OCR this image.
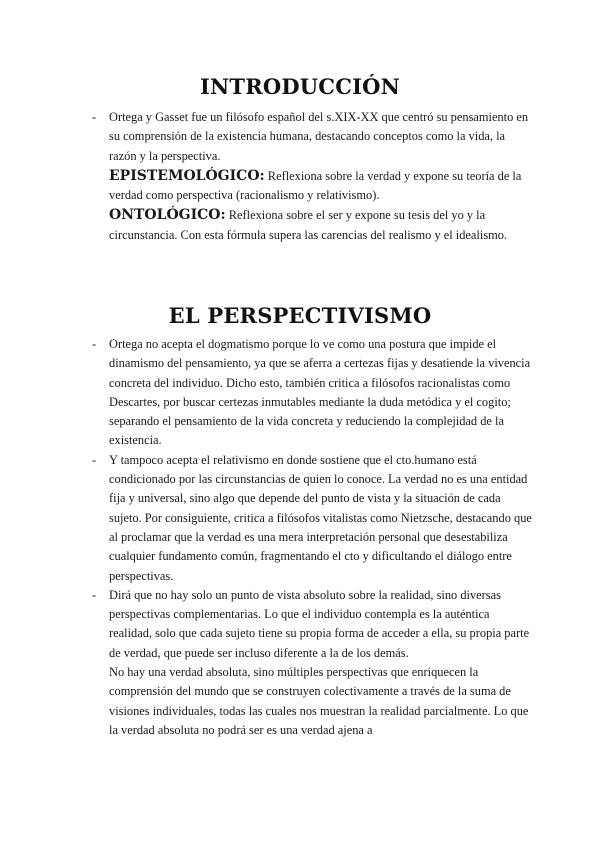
INTRODUCCIÓN
-	Ortega y Gasset fue un filósofo español del s.XIX-XX que centró su pensamiento en su comprensión de la existencia humana, destacando conceptos como la vida, la razón y la perspectiva.
EPISTEMOLÓGICO: Reflexiona sobre la verdad y expone su teoría de la verdad como perspectiva (racionalismo y relativismo).
ONTOLÓGICO: Reflexiona sobre el ser y expone su tesis del yo y la circunstancia. Con esta fórmula supera las carencias del realismo y el idealismo.
EL PERSPECTIVISMO
-	Ortega no acepta el dogmatismo porque lo ve como una postura que impide el dinamismo del pensamiento, ya que se aferra a certezas fijas y desatiende la vivencia concreta del individuo. Dicho esto, también critica a filósofos racionalistas como Descartes, por buscar certezas inmutables mediante la duda metódica y el cogito; separando el pensamiento de la vida concreta y reduciendo la complejidad de la existencia.
-	Y tampoco acepta el relativismo en donde sostiene que el cto.humano está condicionado por las circunstancias de quien lo conoce. La verdad no es una entidad fija y universal, sino algo que depende del punto de vista y la situación de cada sujeto. Por consiguiente, critica a filósofos vitalistas como Nietzsche, destacando que al proclamar que la verdad es una mera interpretación personal que desestabiliza cualquier fundamento común, fragmentando el cto y dificultando el diálogo entre perspectivas.
-	Dirá que no hay solo un punto de vista absoluto sobre la realidad, sino diversas perspectivas complementarias. Lo que el individuo contempla es la auténtica realidad, solo que cada sujeto tiene su propia forma de acceder a ella, su propia parte de verdad, que puede ser incluso diferente a la de los demás.
No hay una verdad absoluta, sino múltiples perspectivas que enriquecen la comprensión del mundo que se construyen colectivamente a través de la suma de visiones individuales, todas las cuales nos muestran la realidad parcialmente. Lo que la verdad absoluta no podrá ser es una verdad ajena a
